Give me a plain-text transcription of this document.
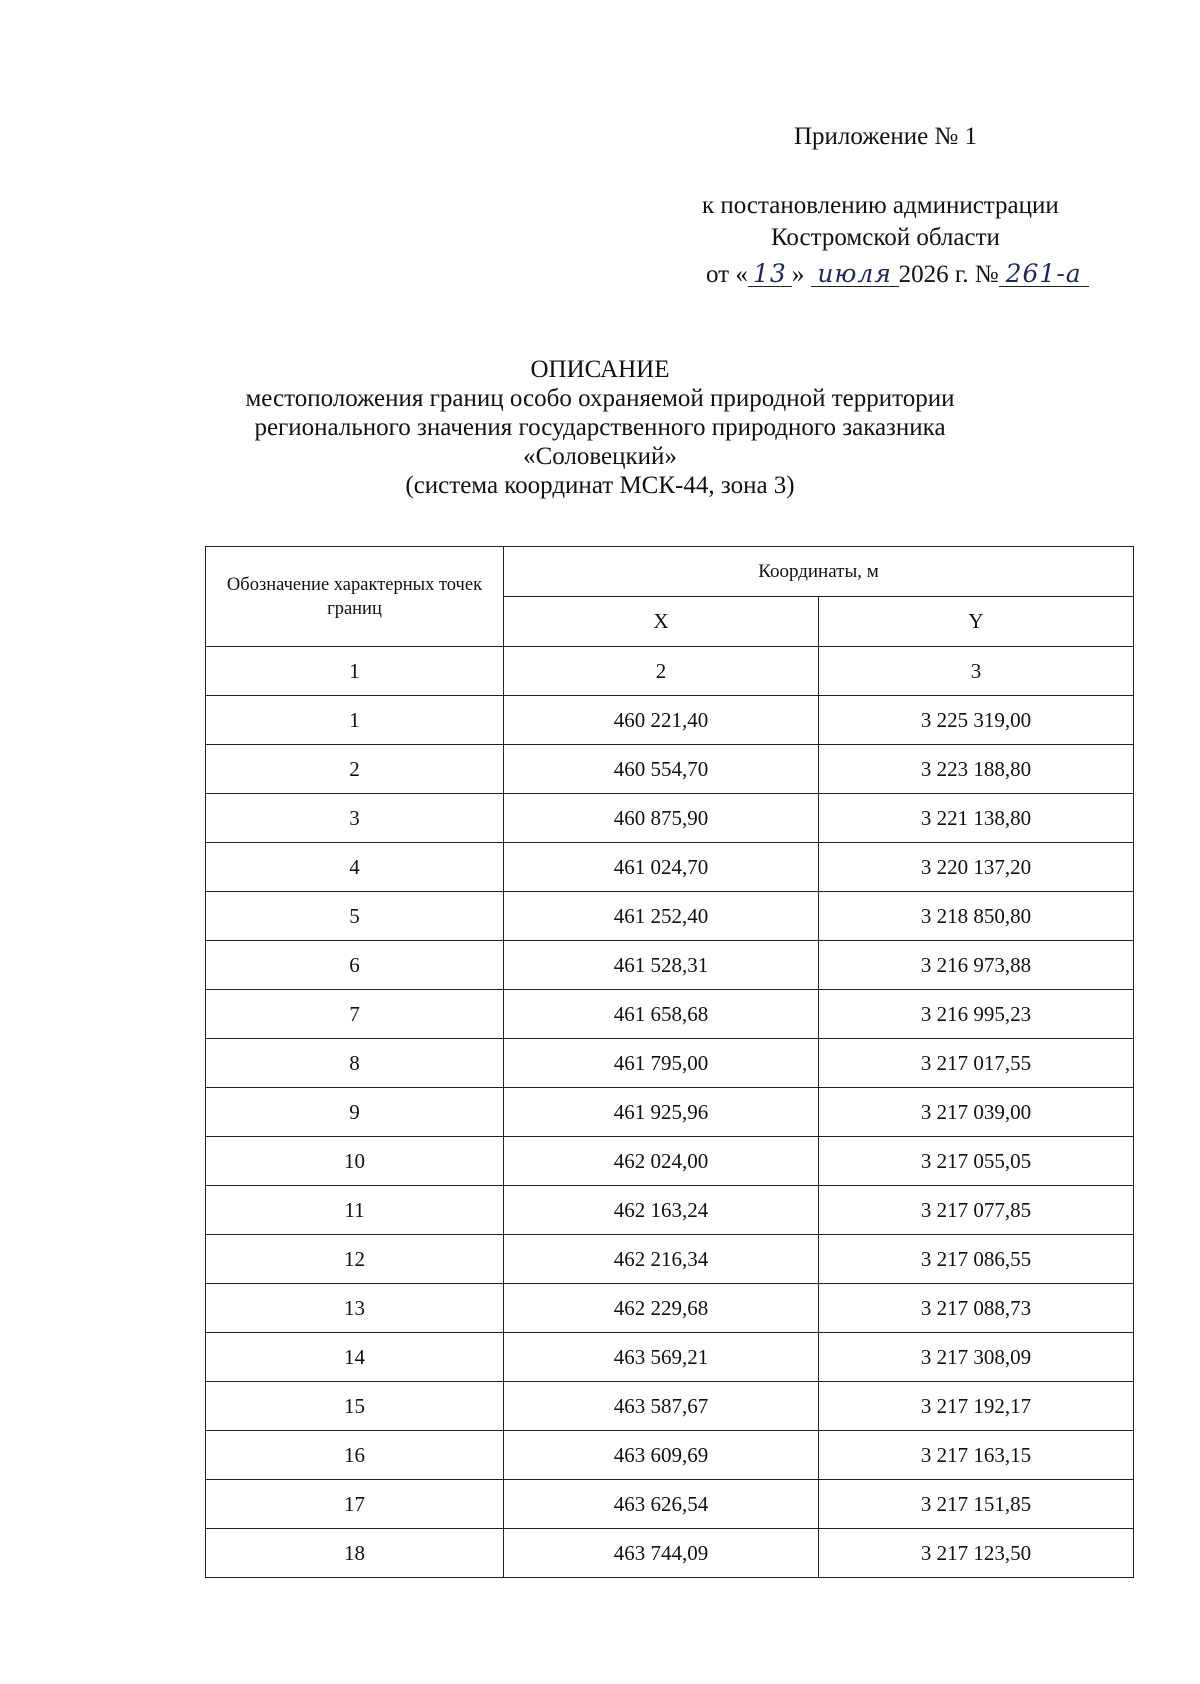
Приложение № 1
к постановлению администрации
Костромской области
от « 13 » июля 2026 г. № 261-а
ОПИСАНИЕ
местоположения границ особо охраняемой природной территории
регионального значения государственного природного заказника
«Соловецкий»
(система координат МСК-44, зона 3)
Обозначение характерных точек границ	Координаты, м	
	X	Y
1	2	3
1	460 221,40	3 225 319,00
2	460 554,70	3 223 188,80
3	460 875,90	3 221 138,80
4	461 024,70	3 220 137,20
5	461 252,40	3 218 850,80
6	461 528,31	3 216 973,88
7	461 658,68	3 216 995,23
8	461 795,00	3 217 017,55
9	461 925,96	3 217 039,00
10	462 024,00	3 217 055,05
11	462 163,24	3 217 077,85
12	462 216,34	3 217 086,55
13	462 229,68	3 217 088,73
14	463 569,21	3 217 308,09
15	463 587,67	3 217 192,17
16	463 609,69	3 217 163,15
17	463 626,54	3 217 151,85
18	463 744,09	3 217 123,50
